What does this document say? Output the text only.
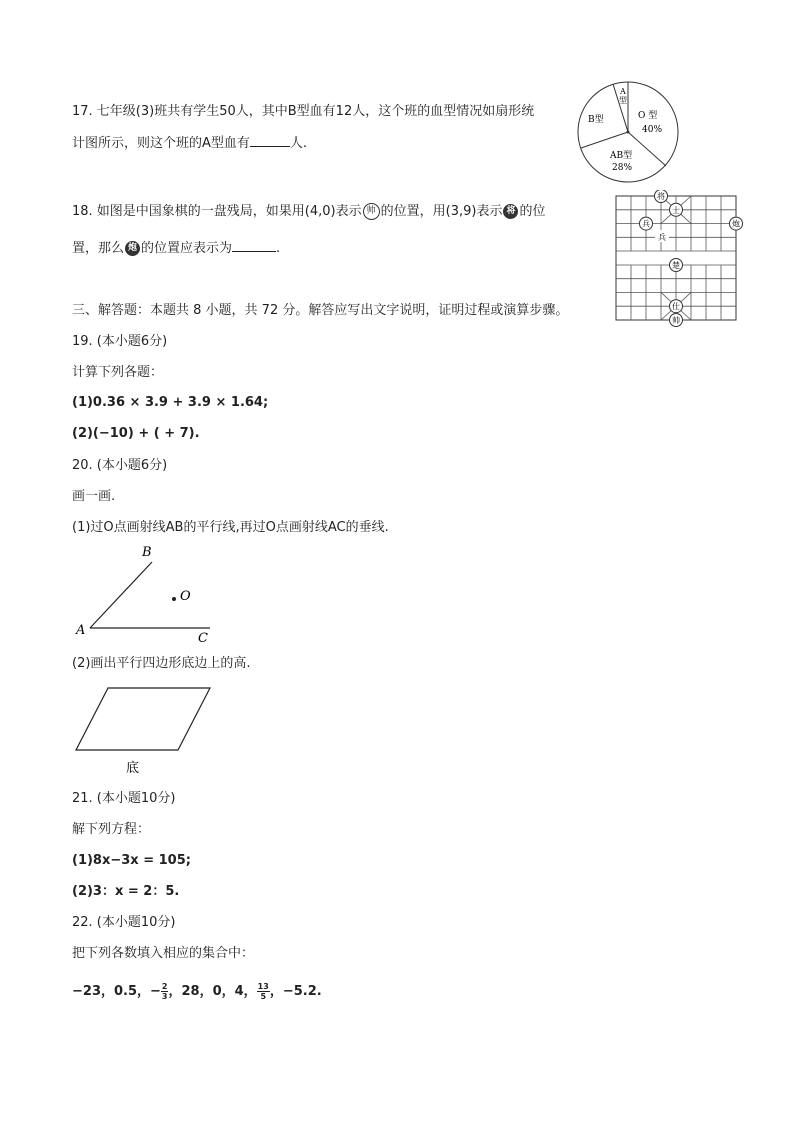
17. 七年级(3)班共有学生50人，其中B型血有12人，这个班的血型情况如扇形统
计图所示，则这个班的A型血有	人.
A
型
B型	O 型
40%
AB型
28%
18. 如图是中国象棋的一盘残局，如果用(4,0)表示 帅 的位置，用(3,9)表示 将 的位
置，那么 炮 的位置应表示为	.
将
士
兵	炮
兵
楚
仕
帅
三、解答题：本题共 8 小题，共 72 分。解答应写出文字说明，证明过程或演算步骤。
19. (本小题6分)
计算下列各题：
(1)0.36 × 3.9 + 3.9 × 1.64;
(2)(−10) + ( + 7).
20. (本小题6分)
画一画.
(1)过O点画射线AB的平行线,再过O点画射线AC的垂线.
B
O
A
C
(2)画出平行四边形底边上的高.
底
21. (本小题10分)
解下列方程：
(1)8x−3x = 105;
(2)3：x = 2：5.
22. (本小题10分)
把下列各数填入相应的集合中：
−23，0.5，− $\frac{2}{3}$ ，28，0，4， $\frac{13}{5}$ ，−5.2.
